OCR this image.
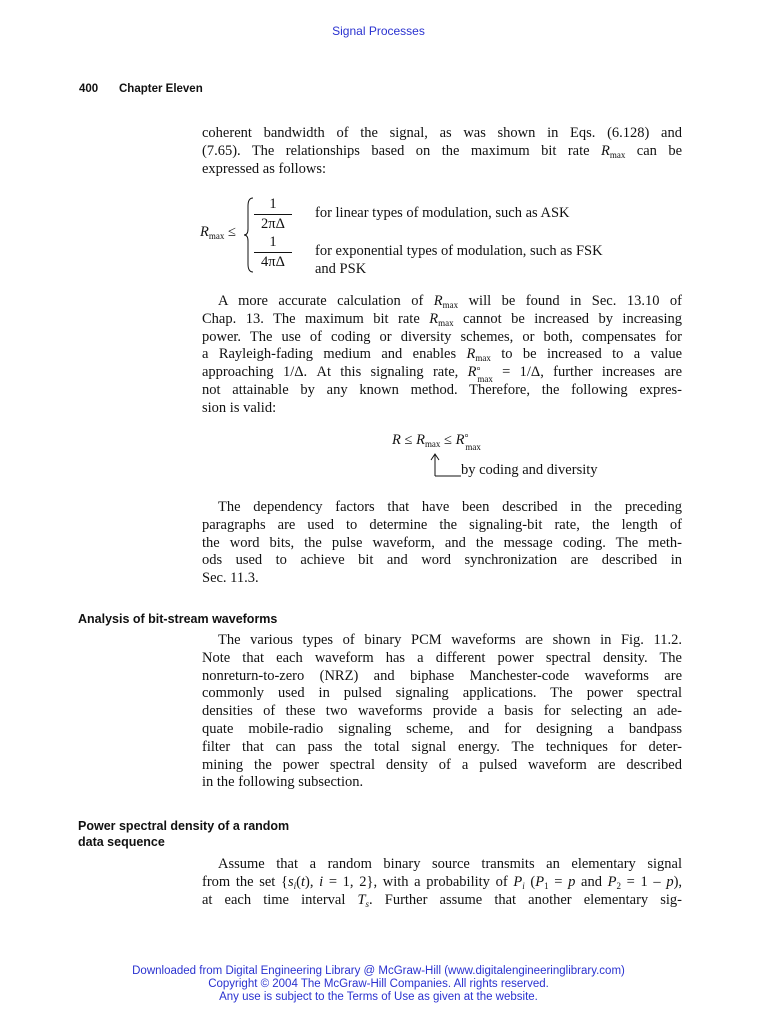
Signal Processes
400 Chapter Eleven
coherent bandwidth of the signal, as was shown in Eqs. (6.128) and
(7.65). The relationships based on the maximum bit rate $R_{max}$ can be
expressed as follows:
$R_{max} \le \frac{1}{2\pi\Delta}$
$\frac{1}{4\pi\Delta}$
for linear types of modulation, such as ASK
for exponential types of modulation, such as FSK
and PSK
A more accurate calculation of $R_{max}$ will be found in Sec. 13.10 of
Chap. 13. The maximum bit rate $R_{max}$ cannot be increased by increasing
power. The use of coding or diversity schemes, or both, compensates for
a Rayleigh-fading medium and enables $R_{max}$ to be increased to a value
approaching 1/Δ. At this signaling rate, $R^\circ_{max} = 1/\Delta$, further increases are
not attainable by any known method. Therefore, the following expres-
sion is valid:
$R \le R_{max} \le R^\circ_{max}$
by coding and diversity
The dependency factors that have been described in the preceding
paragraphs are used to determine the signaling-bit rate, the length of
the word bits, the pulse waveform, and the message coding. The meth-
ods used to achieve bit and word synchronization are described in
Sec. 11.3.
Analysis of bit-stream waveforms
The various types of binary PCM waveforms are shown in Fig. 11.2.
Note that each waveform has a different power spectral density. The
nonreturn-to-zero (NRZ) and biphase Manchester-code waveforms are
commonly used in pulsed signaling applications. The power spectral
densities of these two waveforms provide a basis for selecting an ade-
quate mobile-radio signaling scheme, and for designing a bandpass
filter that can pass the total signal energy. The techniques for deter-
mining the power spectral density of a pulsed waveform are described
in the following subsection.
Power spectral density of a random
data sequence
Assume that a random binary source transmits an elementary signal
from the set {$s_i(t)$, i = 1, 2}, with a probability of $P_i$ ($P_1 = p$ and $P_2 = 1 - p$),
at each time interval $T_s$. Further assume that another elementary sig-
Downloaded from Digital Engineering Library @ McGraw-Hill (www.digitalengineeringlibrary.com)
Copyright © 2004 The McGraw-Hill Companies. All rights reserved.
Any use is subject to the Terms of Use as given at the website.
